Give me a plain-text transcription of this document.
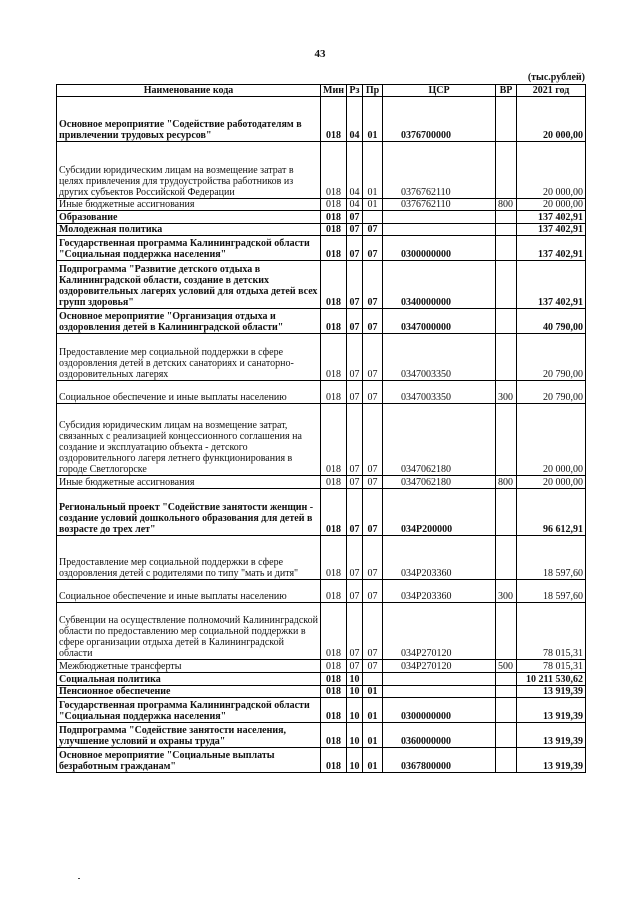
43
(тыс.рублей)
Наименование кода	Мин	Рз	Пр	ЦСР	ВР	2021 год
Основное мероприятие "Содействие работодателям в привлечении трудовых ресурсов"	018	04	01	0376700000		20 000,00
Субсидии юридическим лицам на возмещение затрат в целях привлечения для трудоустройства работников из других субъектов Российской Федерации	018	04	01	0376762110		20 000,00
Иные бюджетные ассигнования	018	04	01	0376762110	800	20 000,00
Образование	018	07				137 402,91
Молодежная политика	018	07	07			137 402,91
Государственная программа Калининградской области "Социальная поддержка населения"	018	07	07	0300000000		137 402,91
Подпрограмма "Развитие детского отдыха в Калининградской области, создание в детских оздоровительных лагерях условий для отдыха детей всех групп здоровья"	018	07	07	0340000000		137 402,91
Основное мероприятие "Организация отдыха и оздоровления детей в Калининградской области"	018	07	07	0347000000		40 790,00
Предоставление мер социальной поддержки в сфере оздоровления детей в детских санаториях и санаторно-оздоровительных лагерях	018	07	07	0347003350		20 790,00
Социальное обеспечение и иные выплаты населению	018	07	07	0347003350	300	20 790,00
Субсидия юридическим лицам на возмещение затрат, связанных с реализацией концессионного соглашения на создание и эксплуатацию объекта - детского оздоровительного лагеря летнего функционирования в городе Светлогорске	018	07	07	0347062180		20 000,00
Иные бюджетные ассигнования	018	07	07	0347062180	800	20 000,00
Региональный проект "Содействие занятости женщин - создание условий дошкольного образования для детей в возрасте до трех лет"	018	07	07	034P200000		96 612,91
Предоставление мер социальной поддержки в сфере оздоровления детей с родителями по типу "мать и дитя"	018	07	07	034P203360		18 597,60
Социальное обеспечение и иные выплаты населению	018	07	07	034P203360	300	18 597,60
Субвенции на осуществление полномочий Калининградской области по предоставлению мер социальной поддержки в сфере организации отдыха детей в Калининградской области	018	07	07	034P270120		78 015,31
Межбюджетные трансферты	018	07	07	034P270120	500	78 015,31
Социальная политика	018	10				10 211 530,62
Пенсионное обеспечение	018	10	01			13 919,39
Государственная программа Калининградской области "Социальная поддержка населения"	018	10	01	0300000000		13 919,39
Подпрограмма "Содействие занятости населения, улучшение условий и охраны труда"	018	10	01	0360000000		13 919,39
Основное мероприятие "Социальные выплаты безработным гражданам"	018	10	01	0367800000		13 919,39
